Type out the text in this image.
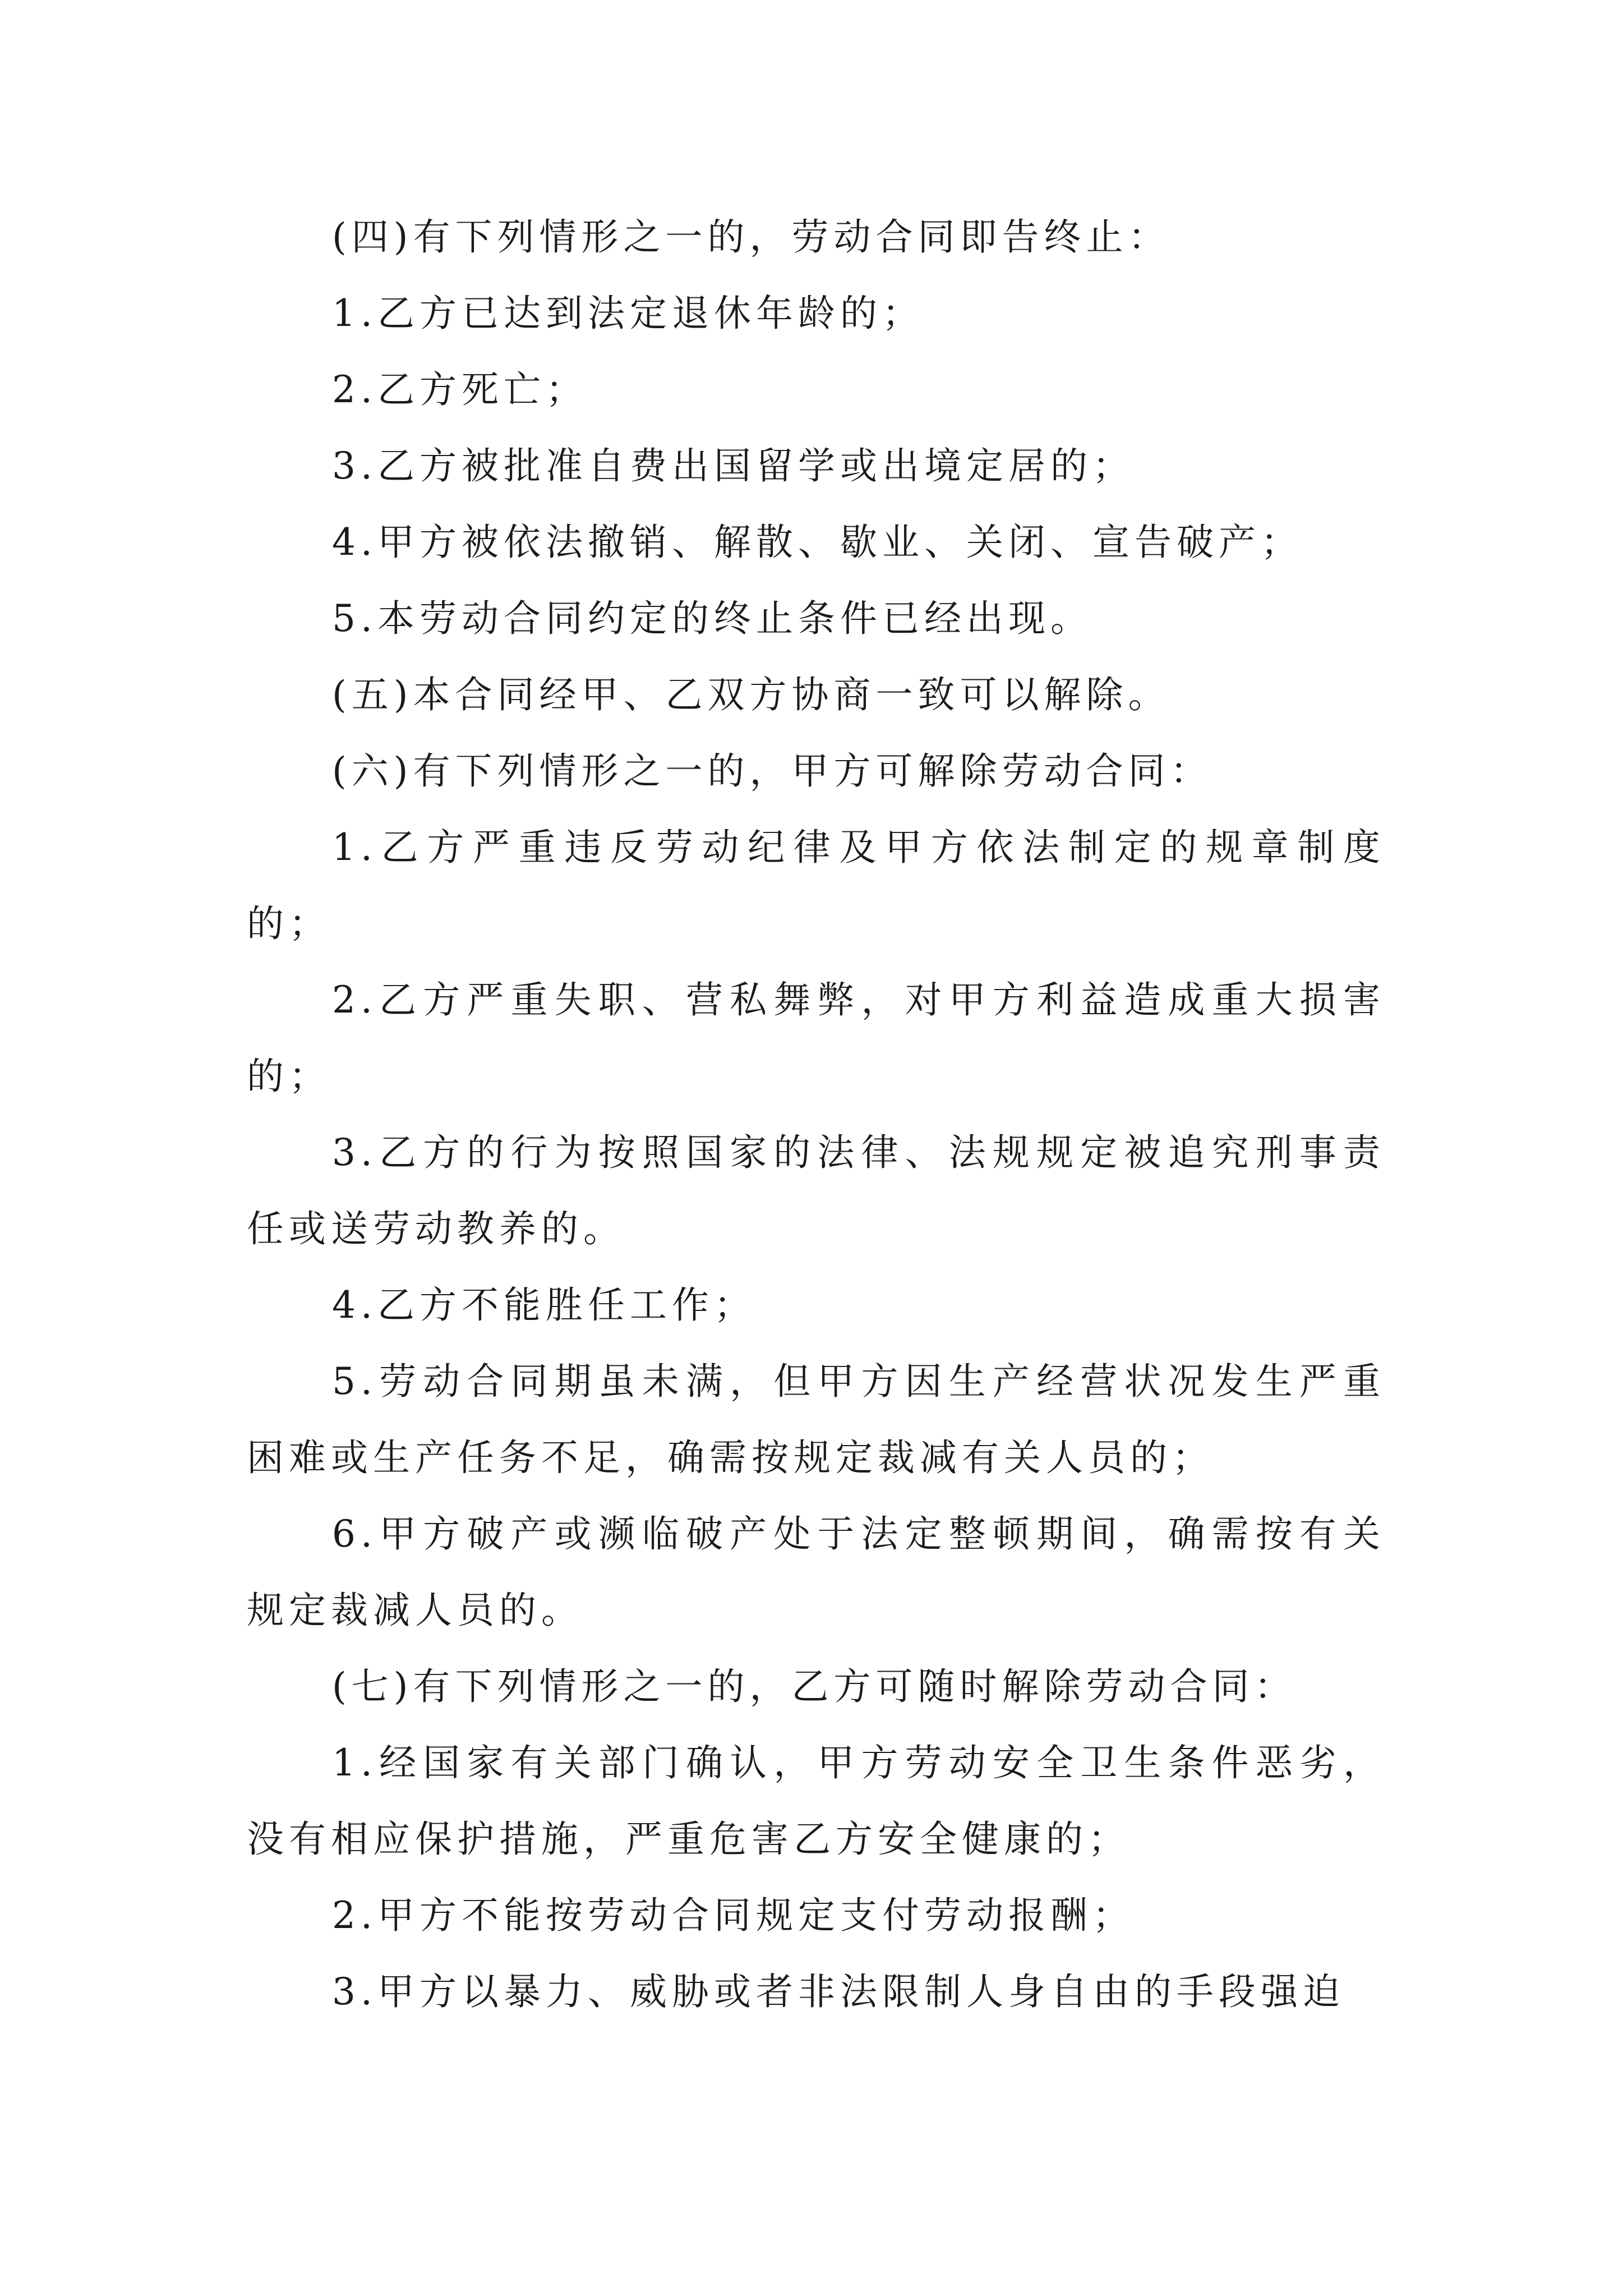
(四)有下列情形之一的，劳动合同即告终止：

1.乙方已达到法定退休年龄的；

2.乙方死亡；

3.乙方被批准自费出国留学或出境定居的；

4.甲方被依法撤销、解散、歇业、关闭、宣告破产；

5.本劳动合同约定的终止条件已经出现。

(五)本合同经甲、乙双方协商一致可以解除。

(六)有下列情形之一的，甲方可解除劳动合同：

1.乙方严重违反劳动纪律及甲方依法制定的规章制度的；

2.乙方严重失职、营私舞弊，对甲方利益造成重大损害的；

3.乙方的行为按照国家的法律、法规规定被追究刑事责任或送劳动教养的。

4.乙方不能胜任工作；

5.劳动合同期虽未满，但甲方因生产经营状况发生严重困难或生产任务不足，确需按规定裁减有关人员的；

6.甲方破产或濒临破产处于法定整顿期间，确需按有关规定裁减人员的。

(七)有下列情形之一的，乙方可随时解除劳动合同：

1.经国家有关部门确认，甲方劳动安全卫生条件恶劣，没有相应保护措施，严重危害乙方安全健康的；

2.甲方不能按劳动合同规定支付劳动报酬；

3.甲方以暴力、威胁或者非法限制人身自由的手段强迫
